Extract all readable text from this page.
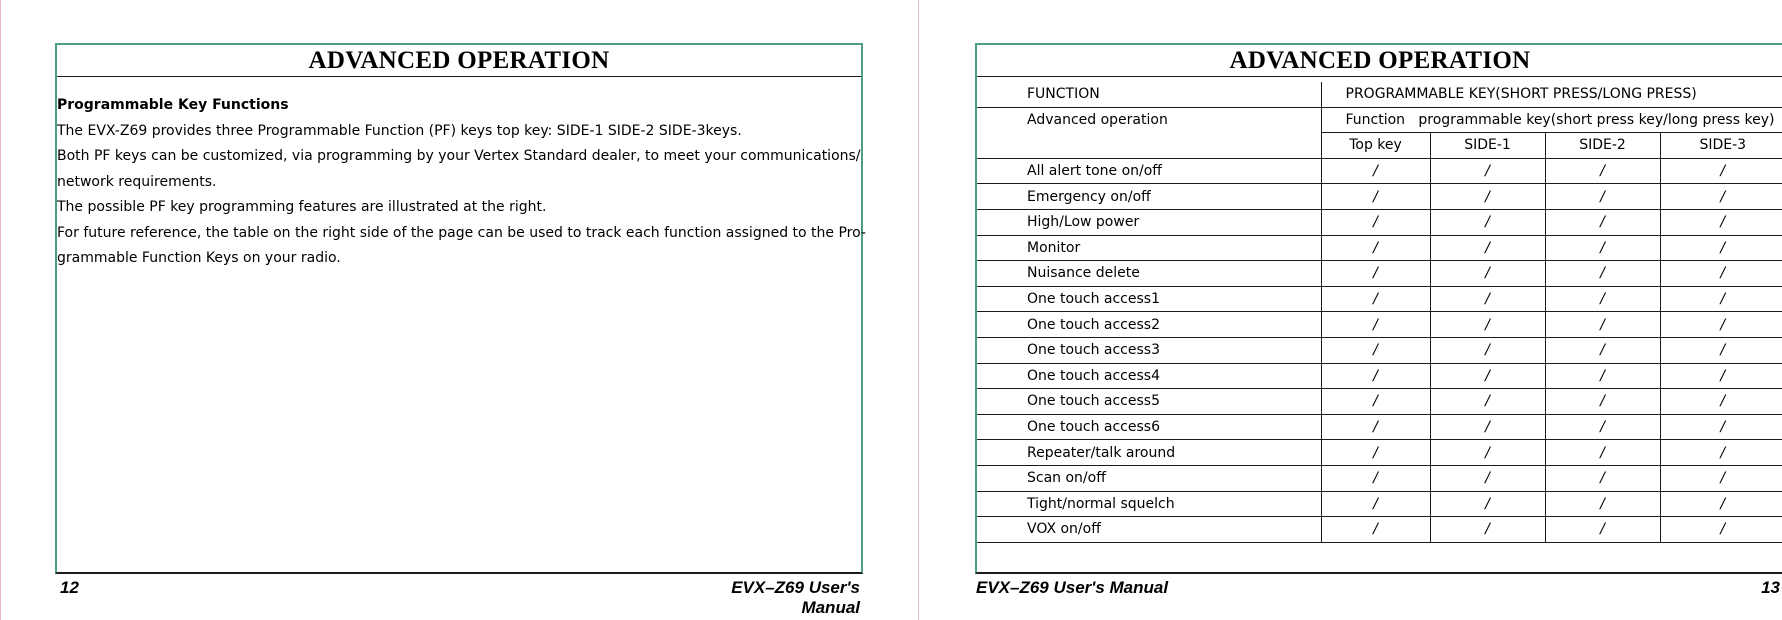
ADVANCED OPERATION

Programmable Key Functions

The EVX-Z69 provides three Programmable Function (PF) keys top key: SIDE-1 SIDE-2 SIDE-3keys.

Both PF keys can be customized, via programming by your Vertex Standard dealer, to meet your communications/

network requirements.

The possible PF key programming features are illustrated at the right.

For future reference, the table on the right side of the page can be used to track each function assigned to the Pro-

grammable Function Keys on your radio.

12	EVX–Z69 User's Manual
ADVANCED OPERATION
FUNCTION	PROGRAMMABLE KEY(SHORT PRESS/LONG PRESS)			
Advanced operation	Function   programmable key(short press key/long press key)			
	Top key	SIDE-1	SIDE-2	SIDE-3
All alert tone on/off	/	/	/	/
Emergency on/off	/	/	/	/
High/Low power	/	/	/	/
Monitor	/	/	/	/
Nuisance delete	/	/	/	/
One touch access1	/	/	/	/
One touch access2	/	/	/	/
One touch access3	/	/	/	/
One touch access4	/	/	/	/
One touch access5	/	/	/	/
One touch access6	/	/	/	/
Repeater/talk around	/	/	/	/
Scan on/off	/	/	/	/
Tight/normal squelch	/	/	/	/
VOX on/off	/	/	/	/
EVX–Z69 User's Manual	13
